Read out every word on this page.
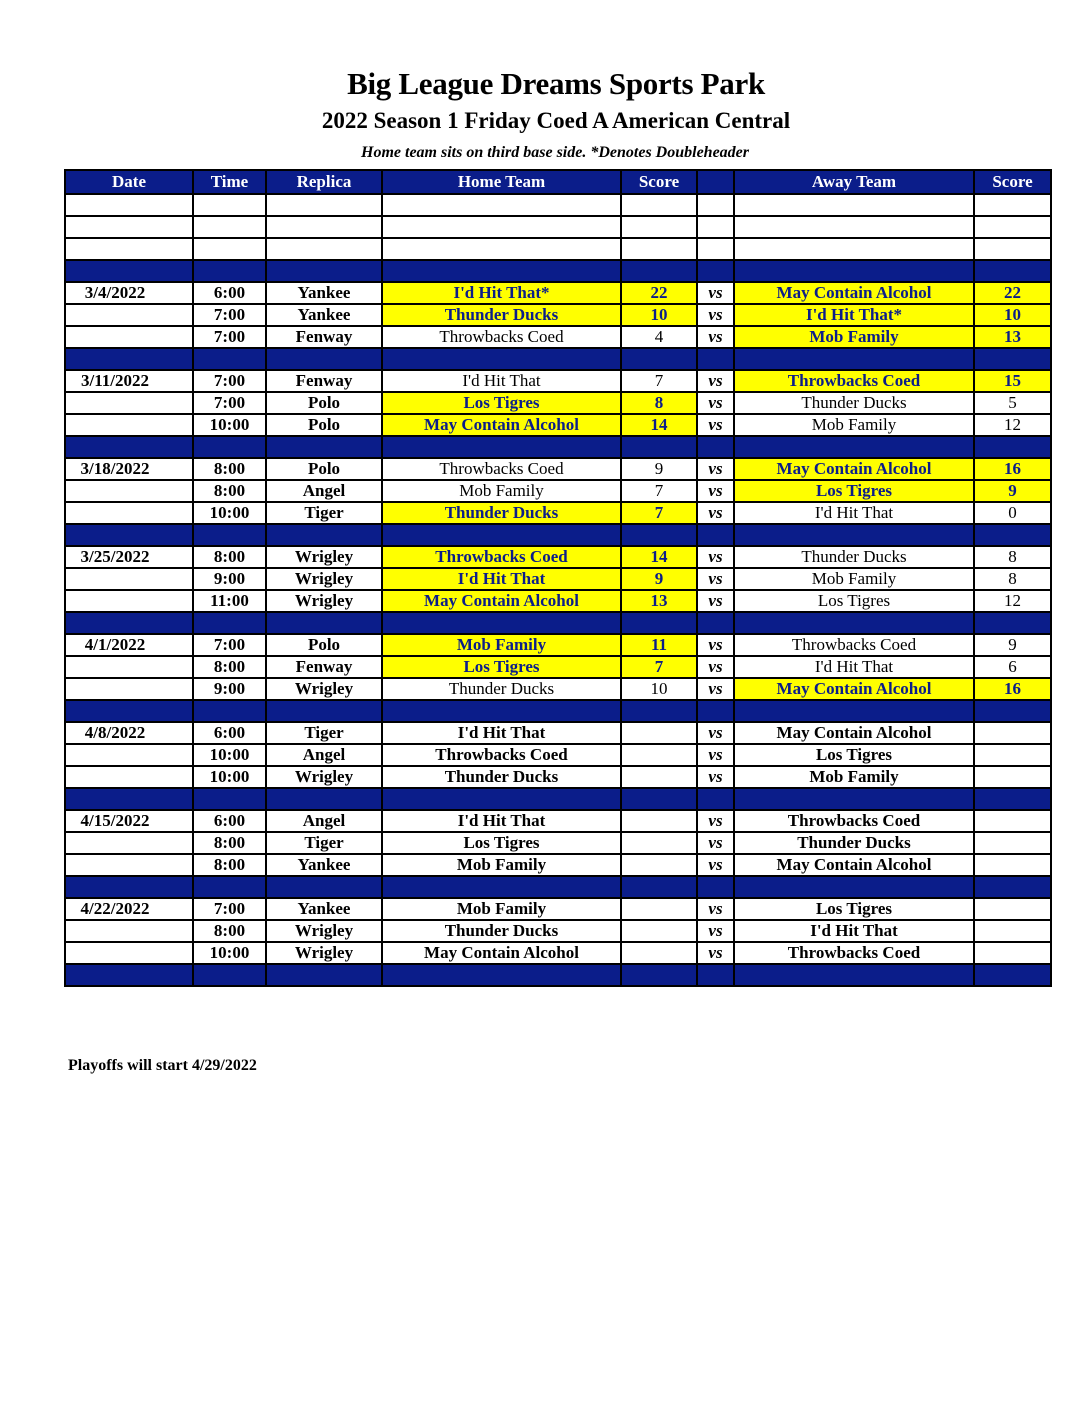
Big League Dreams Sports Park
2022 Season 1 Friday Coed A American Central
Home team sits on third base side. *Denotes Doubleheader
Date	Time	Replica	Home Team	Score		Away Team	Score

3/4/2022	6:00	Yankee	I'd Hit That*	22	vs	May Contain Alcohol	22
	7:00	Yankee	Thunder Ducks	10	vs	I'd Hit That*	10
	7:00	Fenway	Throwbacks Coed	4	vs	Mob Family	13

3/11/2022	7:00	Fenway	I'd Hit That	7	vs	Throwbacks Coed	15
	7:00	Polo	Los Tigres	8	vs	Thunder Ducks	5
	10:00	Polo	May Contain Alcohol	14	vs	Mob Family	12

3/18/2022	8:00	Polo	Throwbacks Coed	9	vs	May Contain Alcohol	16
	8:00	Angel	Mob Family	7	vs	Los Tigres	9
	10:00	Tiger	Thunder Ducks	7	vs	I'd Hit That	0

3/25/2022	8:00	Wrigley	Throwbacks Coed	14	vs	Thunder Ducks	8
	9:00	Wrigley	I'd Hit That	9	vs	Mob Family	8
	11:00	Wrigley	May Contain Alcohol	13	vs	Los Tigres	12

4/1/2022	7:00	Polo	Mob Family	11	vs	Throwbacks Coed	9
	8:00	Fenway	Los Tigres	7	vs	I'd Hit That	6
	9:00	Wrigley	Thunder Ducks	10	vs	May Contain Alcohol	16

4/8/2022	6:00	Tiger	I'd Hit That		vs	May Contain Alcohol	
	10:00	Angel	Throwbacks Coed		vs	Los Tigres	
	10:00	Wrigley	Thunder Ducks		vs	Mob Family	

4/15/2022	6:00	Angel	I'd Hit That		vs	Throwbacks Coed	
	8:00	Tiger	Los Tigres		vs	Thunder Ducks	
	8:00	Yankee	Mob Family		vs	May Contain Alcohol	

4/22/2022	7:00	Yankee	Mob Family		vs	Los Tigres	
	8:00	Wrigley	Thunder Ducks		vs	I'd Hit That	
	10:00	Wrigley	May Contain Alcohol		vs	Throwbacks Coed	

Playoffs will start 4/29/2022
